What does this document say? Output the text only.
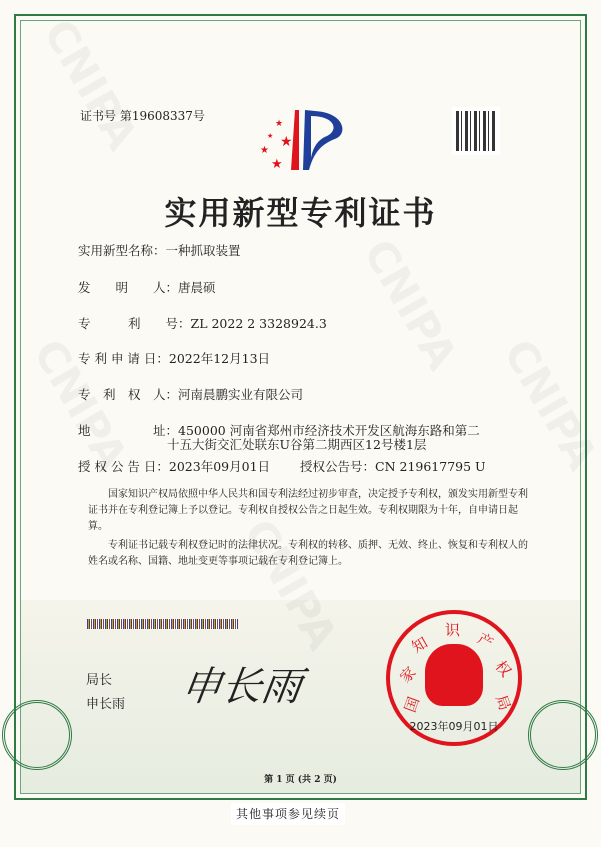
证书号 第19608337号
★
★
★
★
★
实用新型专利证书
实用新型名称：一种抓取装置
发　　明　　人：唐晨硕
专　　　利　　号：ZL 2022 2 3328924.3
专 利 申 请 日：2022年12月13日
专　利　权　人：河南晨鹏实业有限公司
地　　　　　址：450000 河南省郑州市经济技术开发区航海东路和第二
十五大街交汇处联东U谷第二期西区12号楼1层
授 权 公 告 日：2023年09月01日 授权公告号：CN 219617795 U
国家知识产权局依照中华人民共和国专利法经过初步审查，决定授予专利权，颁发实用新型专利证书并在专利登记簿上予以登记。专利权自授权公告之日起生效。专利权期限为十年，自申请日起算。
专利证书记载专利权登记时的法律状况。专利权的转移、质押、无效、终止、恢复和专利权人的姓名或名称、国籍、地址变更等事项记载在专利登记簿上。
局长
申长雨 申长雨	国
家
知
识 产
权
局
2023年09月01日
第 1 页 (共 2 页)
其他事项参见续页
